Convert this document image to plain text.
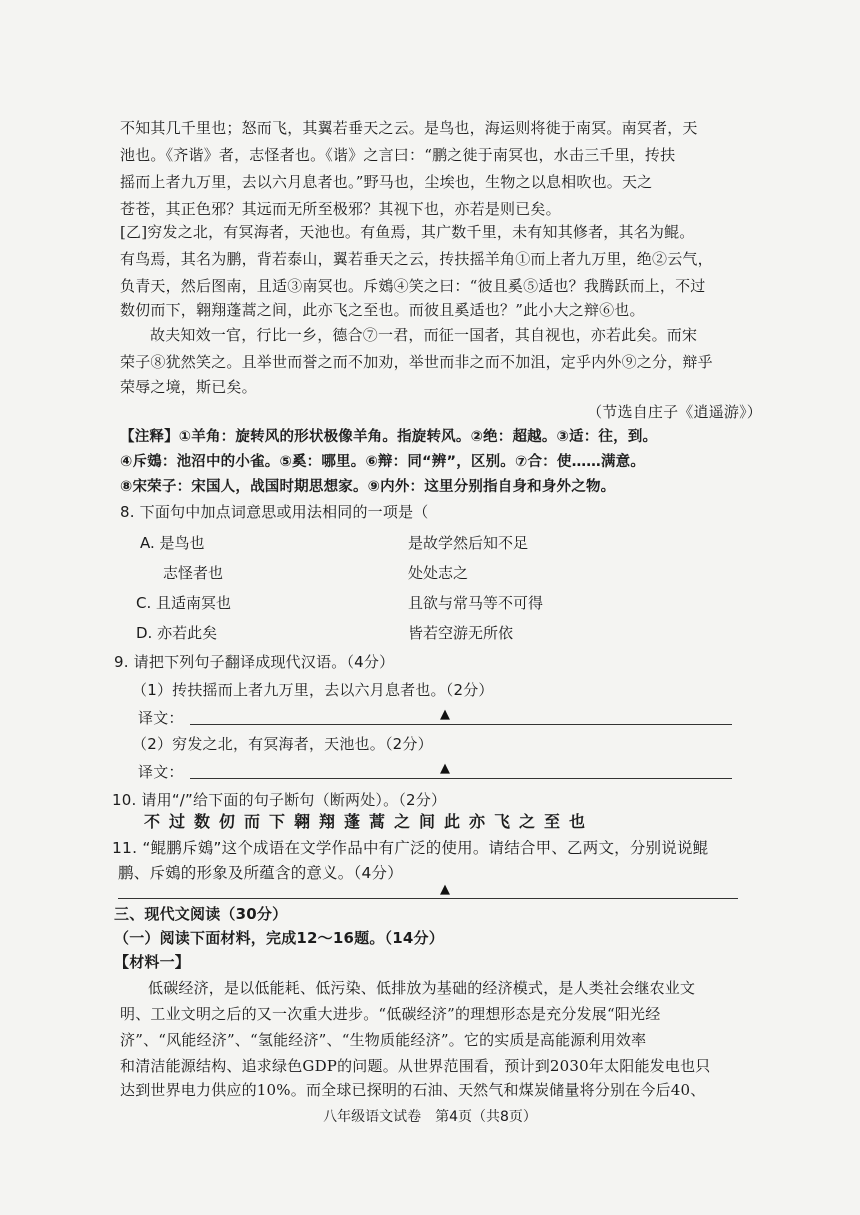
不知其几千里也；怒而飞，其翼若垂天之云。是鸟也，海运则将徙于南冥。南冥者，天
池也。《齐谐》者，志怪者也。《谐》之言曰：“鹏之徙于南冥也，水击三千里，抟扶
摇而上者九万里，去以六月息者也。”野马也，尘埃也，生物之以息相吹也。天之
苍苍，其正色邪？其远而无所至极邪？其视下也，亦若是则已矣。
[乙]穷发之北，有冥海者，天池也。有鱼焉，其广数千里，未有知其修者，其名为鲲。
有鸟焉，其名为鹏，背若泰山，翼若垂天之云，抟扶摇羊角①而上者九万里，绝②云气，
负青天，然后图南，且适③南冥也。斥鴳④笑之曰：“彼且奚⑤适也？我腾跃而上，不过
数仞而下，翱翔蓬蒿之间，此亦飞之至也。而彼且奚适也？”此小大之辩⑥也。
故夫知效一官，行比一乡，德合⑦一君，而征一国者，其自视也，亦若此矣。而宋
荣子⑧犹然笑之。且举世而誉之而不加劝，举世而非之而不加沮，定乎内外⑨之分，辩乎
荣辱之境，斯已矣。
（节选自庄子《逍遥游》）
【注释】①羊角：旋转风的形状极像羊角。指旋转风。②绝：超越。③适：往，到。
④斥鴳：池沼中的小雀。⑤奚：哪里。⑥辩：同“辨”，区别。⑦合：使……满意。
⑧宋荣子：宋国人，战国时期思想家。⑨内外：这里分别指自身和身外之物。
8. 下面句中加点词意思或用法相同的一项是（
A. 是鸟也	是故学然后知不足
志怪者也	处处志之
C. 且适南冥也	且欲与常马等不可得
D. 亦若此矣	皆若空游无所依
9. 请把下列句子翻译成现代汉语。（4分）
（1）抟扶摇而上者九万里，去以六月息者也。（2分）
译文：	▲
（2）穷发之北，有冥海者，天池也。（2分）
译文：	▲
10. 请用“/”给下面的句子断句（断两处）。（2分）
不过数仞而下翱翔蓬蒿之间此亦飞之至也
11. “鲲鹏斥鴳”这个成语在文学作品中有广泛的使用。请结合甲、乙两文，分别说说鲲
鹏、斥鴳的形象及所蕴含的意义。（4分）
▲
三、现代文阅读（30分）
（一）阅读下面材料，完成12～16题。（14分）
【材料一】
低碳经济，是以低能耗、低污染、低排放为基础的经济模式，是人类社会继农业文
明、工业文明之后的又一次重大进步。“低碳经济”的理想形态是充分发展“阳光经
济”、“风能经济”、“氢能经济”、“生物质能经济”。它的实质是高能源利用效率
和清洁能源结构、追求绿色GDP的问题。从世界范围看，预计到2030年太阳能发电也只
达到世界电力供应的10%。而全球已探明的石油、天然气和煤炭储量将分别在今后40、
八年级语文试卷　第4页（共8页）
